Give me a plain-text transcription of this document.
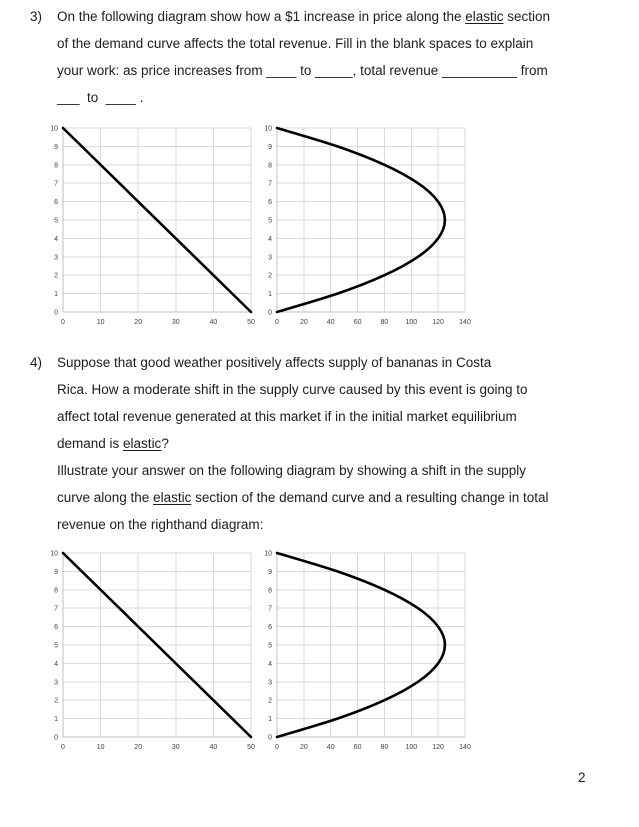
3) On the following diagram show how a $1 increase in price along the elastic section
of the demand curve affects the total revenue. Fill in the blank spaces to explain
your work: as price increases from ____ to _____, total revenue __________ from
___  to  ____ .
0
1
2
3
4
5
6
7
8
9
10
0	10	20	30	40	50
0
1
2
3
4
5
6
7
8
9
10
0	20	40	60	80 100 120 140
4) Suppose that good weather positively affects supply of bananas in Costa
Rica. How a moderate shift in the supply curve caused by this event is going to
affect total revenue generated at this market if in the initial market equilibrium
demand is elastic?
Illustrate your answer on the following diagram by showing a shift in the supply
curve along the elastic section of the demand curve and a resulting change in total
revenue on the righthand diagram:
0
1
2
3
4
5
6
7
8
9
10
0	10	20	30	40	50
0
1
2
3
4
5
6
7
8
9
10
0	20	40	60	80 100 120 140
2
